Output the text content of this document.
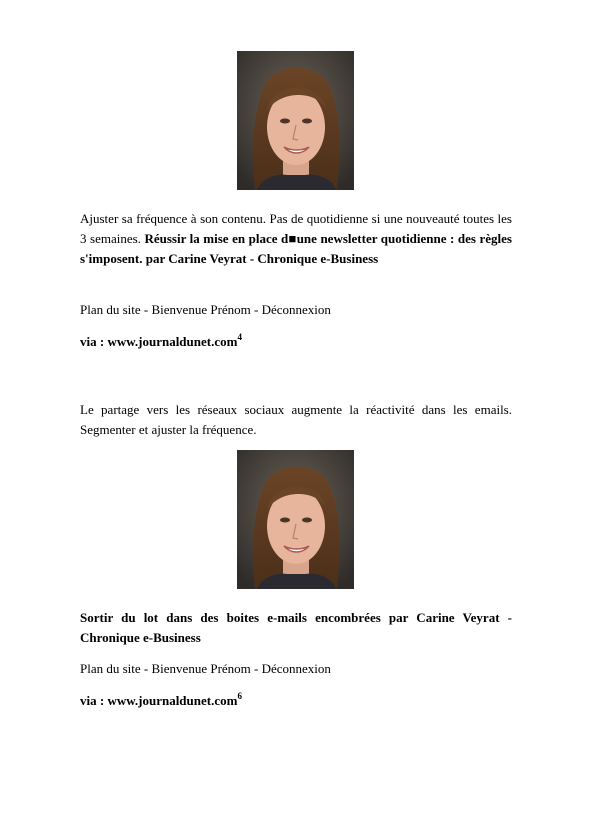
Ajuster sa fréquence à son contenu. Pas de quotidienne si une nouveauté toutes les 3 semaines. Réussir la mise en place d■une newsletter quotidienne : des règles s'imposent. par Carine Veyrat - Chronique e-Business
Plan du site - Bienvenue Prénom - Déconnexion
via : www.journaldunet.com$^4$
Le partage vers les réseaux sociaux augmente la réactivité dans les emails. Segmenter et ajuster la fréquence.
Sortir du lot dans des boites e-mails encombrées par Carine Veyrat - Chronique e-Business
Plan du site - Bienvenue Prénom - Déconnexion
via : www.journaldunet.com$^6$
